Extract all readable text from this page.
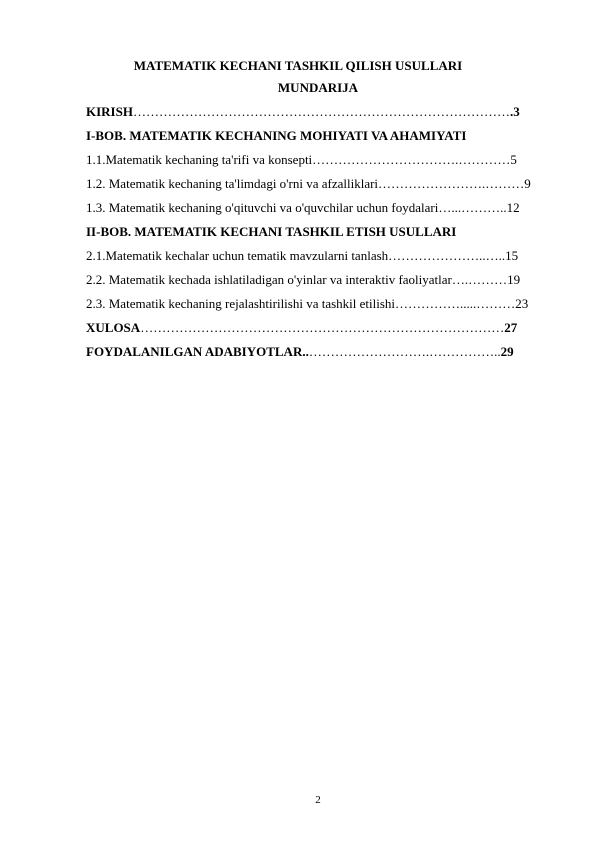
MATEMATIK KECHANI TASHKIL QILISH USULLARI
MUNDARIJA
KIRISH…………………………………………………………………………….3
I-BOB. MATEMATIK KECHANING MOHIYATI VA AHAMIYATI
1.1.Matematik kechaning ta'rifi va konsepti…………………………….…………5
1.2. Matematik kechaning ta'limdagi o'rni va afzalliklari…………………….………9
1.3. Matematik kechaning o'qituvchi va o'quvchilar uchun foydalari…...………..12
II-BOB. MATEMATIK KECHANI TASHKIL ETISH USULLARI
2.1.Matematik kechalar uchun tematik mavzularni tanlash…………………..…..15
2.2. Matematik kechada ishlatiladigan o'yinlar va interaktiv faoliyatlar….………19
2.3. Matematik kechaning rejalashtirilishi va tashkil etilishi…………….....………23
XULOSA…………………………………………………………………………27
FOYDALANILGAN ADABIYOTLAR..……………………….……………..29
2
